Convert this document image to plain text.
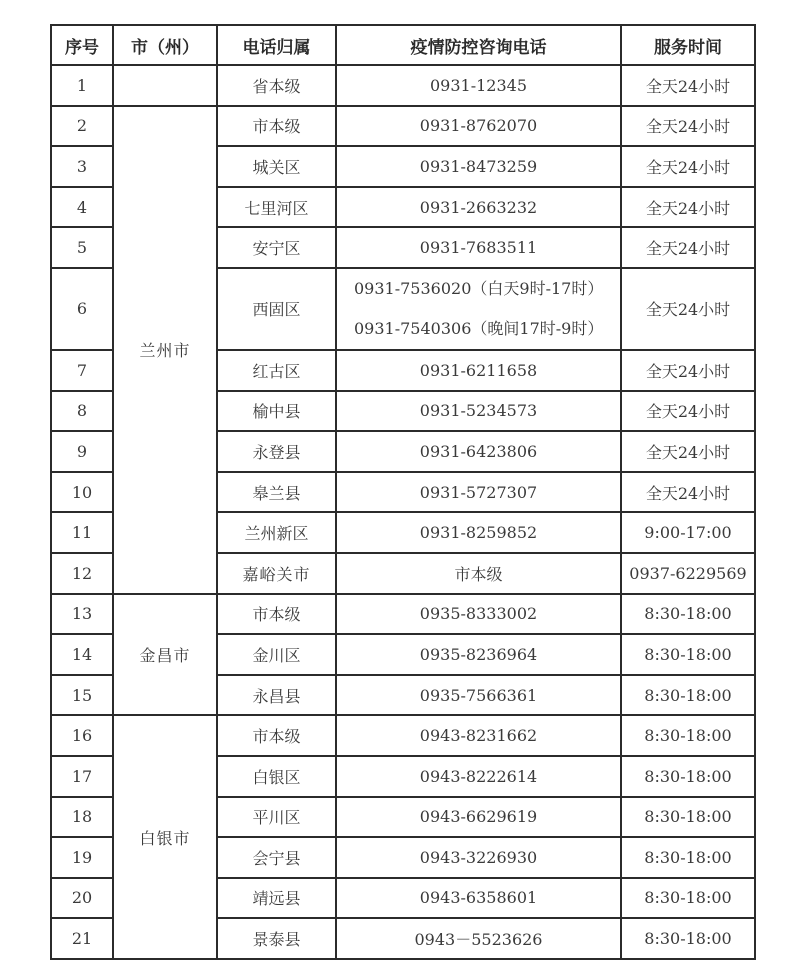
序号	市（州）	电话归属	疫情防控咨询电话	服务时间	
1		省本级	0931-12345	全天24小时	
2	兰州市	市本级	0931-8762070	全天24小时	
3		城关区	0931-8473259	全天24小时	
4		七里河区	0931-2663232	全天24小时	
5		安宁区	0931-7683511	全天24小时	
6		西固区	0931-7536020（白天9时-17时）
0931-7540306（晚间17时-9时）	全天24小时	
7		红古区	0931-6211658	全天24小时	
8		榆中县	0931-5234573	全天24小时	
9		永登县	0931-6423806	全天24小时	
10		皋兰县	0931-5727307	全天24小时	
11		兰州新区	0931-8259852	9:00-17:00	
12		嘉峪关市	市本级	0937-6229569	
13	金昌市	市本级	0935-8333002	8:30-18:00	
14		金川区	0935-8236964	8:30-18:00	
15		永昌县	0935-7566361	8:30-18:00	
16	白银市	市本级	0943-8231662	8:30-18:00	
17		白银区	0943-8222614	8:30-18:00	
18		平川区	0943-6629619	8:30-18:00	
19		会宁县	0943-3226930	8:30-18:00	
20		靖远县	0943-6358601	8:30-18:00	
21		景泰县	0943－5523626	8:30-18:00	
